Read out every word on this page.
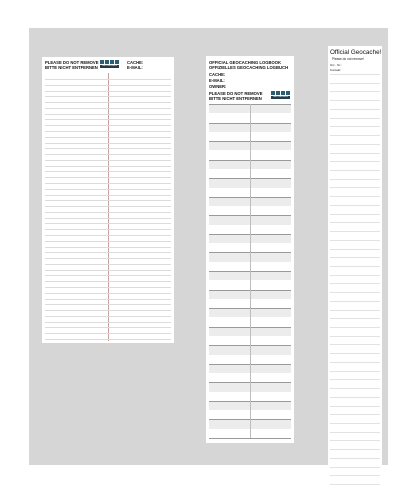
PLEASE DO NOT REMOVE
BITTE NICHT ENTFERNEN	GEOCACHING
CACHE:
E-MAIL:
OFFICIAL GEOCACHING LOGBOOK
OFFIZIELLES GEOCACHING LOGBUCH
CACHE:
E-MAIL:
OWNER:
PLEASE DO NOT REMOVE
BITTE NICHT ENTFERNEN	GEOCACHING
Official Geocache!
Please do not remove!
GC - Nr.:
Kontakt:
